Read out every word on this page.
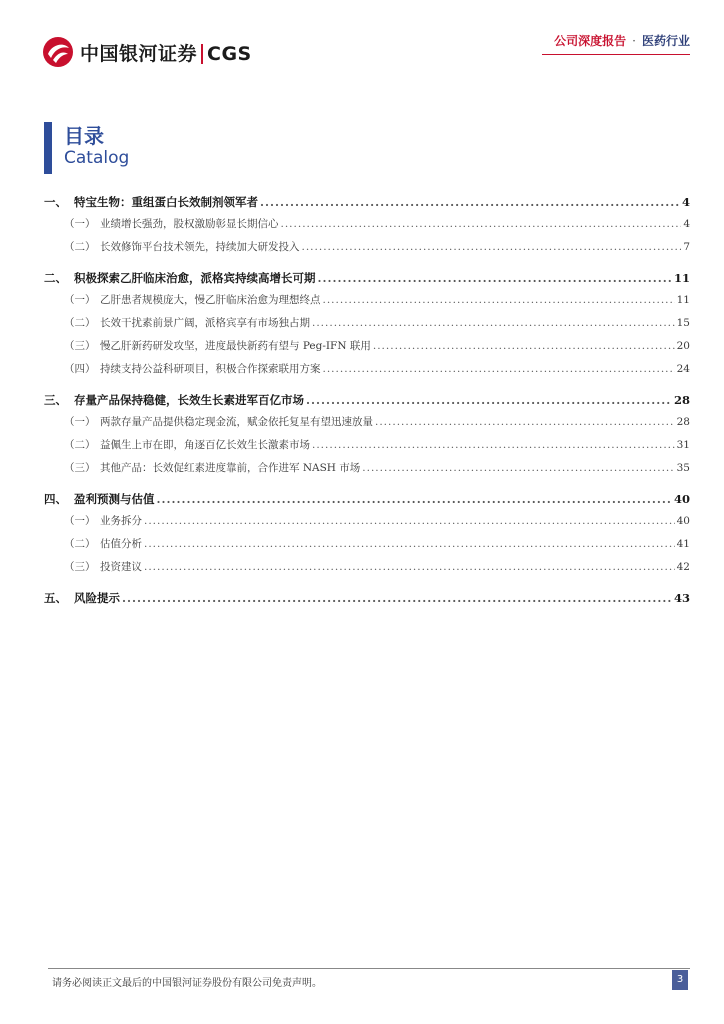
中国银河证券 CGS
公司深度报告 · 医药行业
目录
Catalog
一、 特宝生物：重组蛋白长效制剂领军者 .....	4
（一） 业绩增长强劲，股权激励彰显长期信心 .....	4
（二） 长效修饰平台技术领先，持续加大研发投入 .....	7
二、 积极探索乙肝临床治愈，派格宾持续高增长可期 .....	11
（一） 乙肝患者规模庞大，慢乙肝临床治愈为理想终点 .....	11
（二） 长效干扰素前景广阔，派格宾享有市场独占期 .....	15
（三） 慢乙肝新药研发攻坚，进度最快新药有望与 Peg-IFN 联用 .....	20
（四） 持续支持公益科研项目，积极合作探索联用方案 .....	24
三、 存量产品保持稳健，长效生长素进军百亿市场 .....	28
（一） 两款存量产品提供稳定现金流，赋金依托复星有望迅速放量 .....	28
（二） 益佩生上市在即，角逐百亿长效生长激素市场 .....	31
（三） 其他产品：长效促红素进度靠前，合作进军 NASH 市场 .....	35
四、 盈利预测与估值 .....	40
（一） 业务拆分 .....	40
（二） 估值分析 .....	41
（三） 投资建议 .....	42
五、 风险提示 .....	43
请务必阅读正文最后的中国银河证券股份有限公司免责声明。	3
